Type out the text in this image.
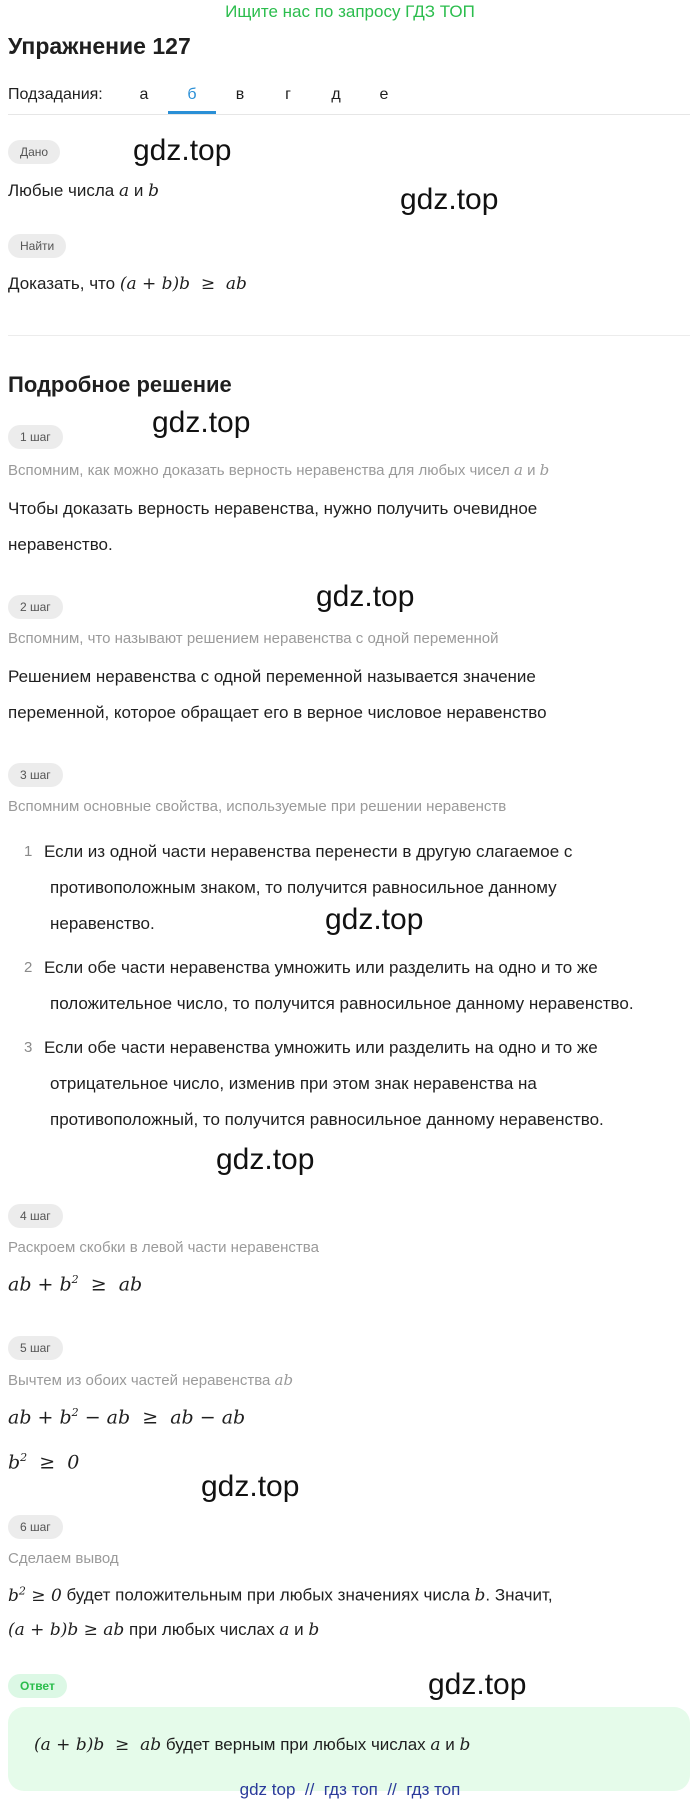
Ищите нас по запросу ГДЗ ТОП
Упражнение 127
Подзадания:	а	б	в	г	д	е
Дано
Любые числа a и b
Найти
Доказать, что (a + b)b  ≥  ab
Подробное решение
1 шаг
Вспомним, как можно доказать верность неравенства для любых чисел a и b
Чтобы доказать верность неравенства, нужно получить очевидное
неравенство.
2 шаг
Вспомним, что называют решением неравенства с одной переменной
Решением неравенства с одной переменной называется значение
переменной, которое обращает его в верное числовое неравенство
3 шаг
Вспомним основные свойства, используемые при решении неравенств
1 Если из одной части неравенства перенести в другую слагаемое с
противоположным знаком, то получится равносильное данному
неравенство.
2 Если обе части неравенства умножить или разделить на одно и то же
положительное число, то получится равносильное данному неравенство.
3 Если обе части неравенства умножить или разделить на одно и то же
отрицательное число, изменив при этом знак неравенства на
противоположный, то получится равносильное данному неравенство.
4 шаг
Раскроем скобки в левой части неравенства
ab + $b^2$  ≥  ab
5 шаг
Вычтем из обоих частей неравенства ab
ab + $b^2$ − ab  ≥  ab − ab
$b^2 \ge 0$
6 шаг
Сделаем вывод
$b^2 \ge 0$ будет положительным при любых значениях числа b. Значит,
(a + b)b ≥ ab при любых числах a и b
Ответ
(a + b)b  ≥  ab будет верным при любых числах a и b
gdz.top
gdz.top
gdz.top
gdz.top
gdz.top
gdz.top
gdz.top
gdz.top
gdz top  //  гдз топ  //  гдз топ
